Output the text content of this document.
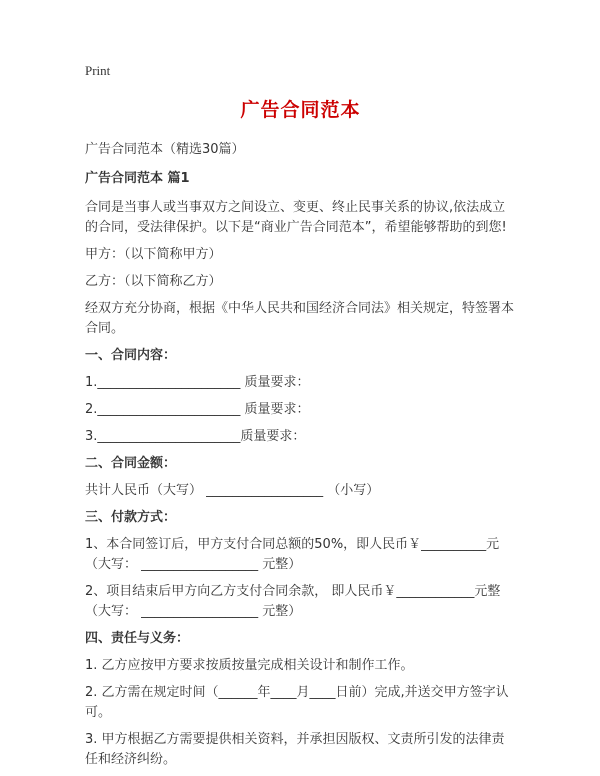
Print
广告合同范本

广告合同范本（精选30篇）

广告合同范本 篇1

合同是当事人或当事双方之间设立、变更、终止民事关系的协议,依法成立的合同，受法律保护。以下是“商业广告合同范本”，希望能够帮助的到您!

甲方：（以下简称甲方）

乙方：（以下简称乙方）

经双方充分协商，根据《中华人民共和国经济合同法》相关规定，特签署本合同。

一、合同内容：

1.______________________ 质量要求：

2.______________________ 质量要求：

3.______________________质量要求：

二、合同金额：

共计人民币（大写） __________________ （小写）

三、付款方式：

1、本合同签订后，甲方支付合同总额的50%，即人民币￥__________元（大写： __________________ 元整）

2、项目结束后甲方向乙方支付合同余款， 即人民币￥____________元整（大写： __________________ 元整）

四、责任与义务：

1. 乙方应按甲方要求按质按量完成相关设计和制作工作。

2. 乙方需在规定时间（______年____月____日前）完成,并送交甲方签字认可。

3. 甲方根据乙方需要提供相关资料，并承担因版权、文责所引发的法律责任和经济纠纷。
